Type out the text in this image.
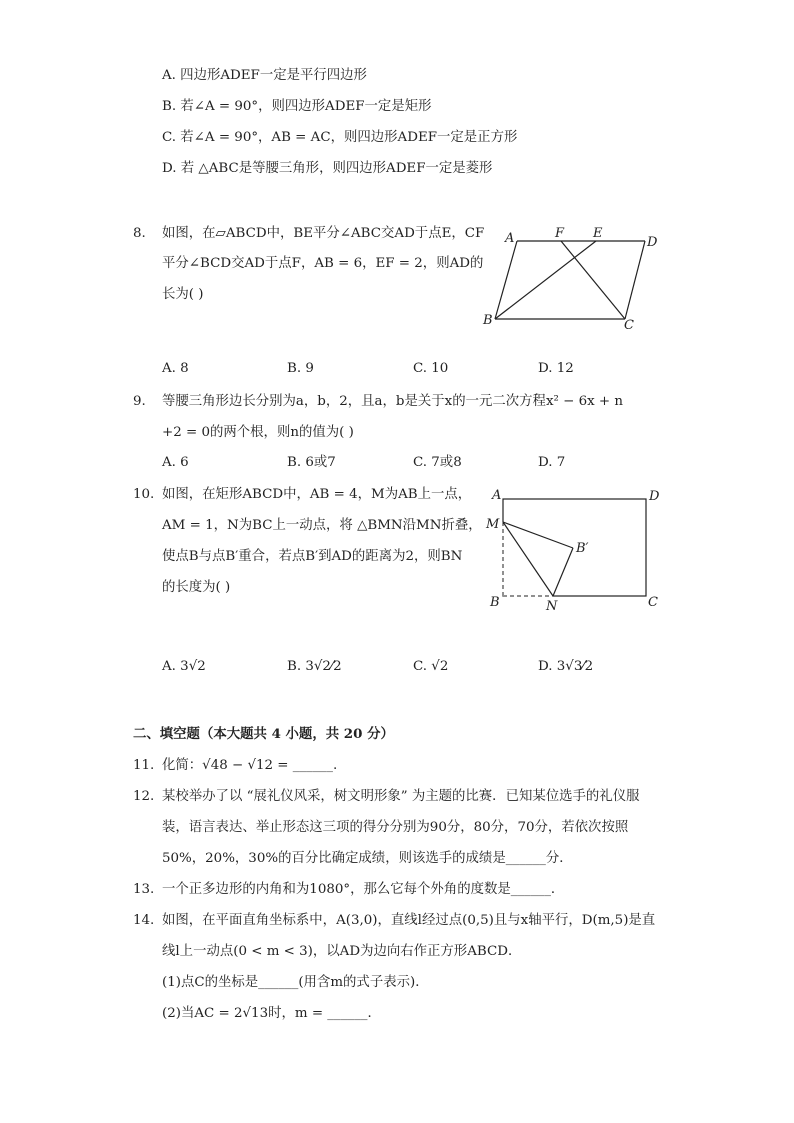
A. 四边形ADEF一定是平行四边形
B. 若∠A = 90°，则四边形ADEF一定是矩形
C. 若∠A = 90°，AB = AC，则四边形ADEF一定是正方形
D. 若 △ABC是等腰三角形，则四边形ADEF一定是菱形
8. 如图，在▱ABCD中，BE平分∠ABC交AD于点E，CF
平分∠BCD交AD于点F，AB = 6，EF = 2，则AD的
长为( )
A	F E
D
B	C
A. 8	B. 9	C. 10	D. 12
9. 等腰三角形边长分别为a，b，2，且a，b是关于x的一元二次方程x² − 6x + n
+2 = 0的两个根，则n的值为( )
A. 6	B. 6或7	C. 7或8	D. 7
10. 如图，在矩形ABCD中，AB = 4，M为AB上一点，
AM = 1，N为BC上一动点，将 △BMN沿MN折叠，
使点B与点B′重合，若点B′到AD的距离为2，则BN
的长度为( )
A	D
M
B′
B	N	C
A. 3√2	B. 3√2⁄2	C. √2	D. 3√3⁄2
二、填空题（本大题共 4 小题，共 20 分）
11. 化简：√48 − √12 = ______.
12. 某校举办了以 “展礼仪风采，树文明形象” 为主题的比赛．已知某位选手的礼仪服
装，语言表达、举止形态这三项的得分分别为90分，80分，70分，若依次按照
50%，20%，30%的百分比确定成绩，则该选手的成绩是______分．
13. 一个正多边形的内角和为1080°，那么它每个外角的度数是______．
14. 如图，在平面直角坐标系中，A(3,0)，直线l经过点(0,5)且与x轴平行，D(m,5)是直
线l上一动点(0 < m < 3)，以AD为边向右作正方形ABCD．
(1)点C的坐标是______(用含m的式子表示)．
(2)当AC = 2√13时，m = ______．
